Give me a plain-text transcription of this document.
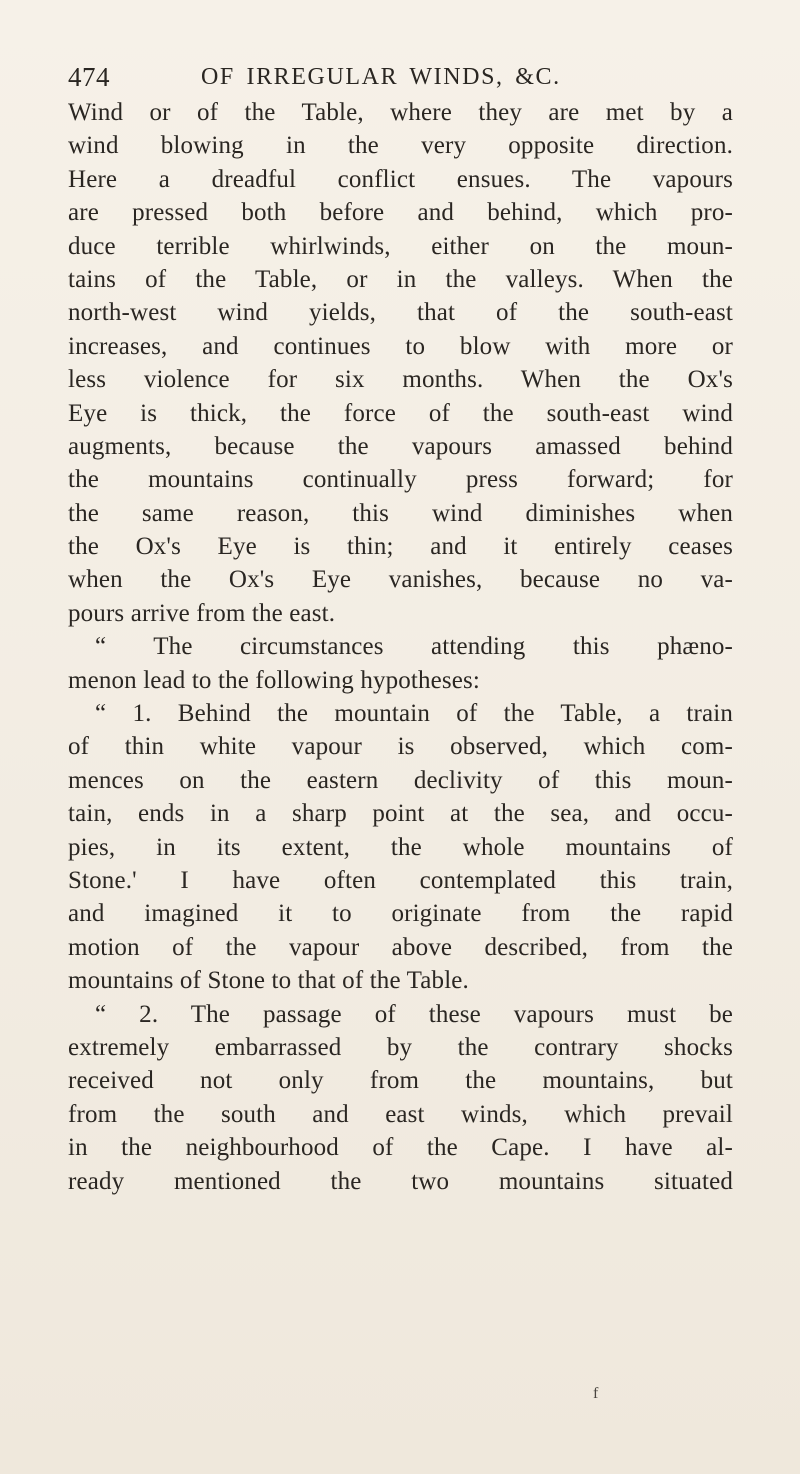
474	OF IRREGULAR WINDS, &C.
Wind or of the Table, where they are met by a
wind blowing in the very opposite direction.
Here a dreadful conflict ensues. The vapours
are pressed both before and behind, which pro-
duce terrible whirlwinds, either on the moun-
tains of the Table, or in the valleys. When the
north-west wind yields, that of the south-east
increases, and continues to blow with more or
less violence for six months. When the Ox's
Eye is thick, the force of the south-east wind
augments, because the vapours amassed behind
the mountains continually press forward; for
the same reason, this wind diminishes when
the Ox's Eye is thin; and it entirely ceases
when the Ox's Eye vanishes, because no va-
pours arrive from the east.
“ The circumstances attending this phæno-
menon lead to the following hypotheses:
“ 1. Behind the mountain of the Table, a train
of thin white vapour is observed, which com-
mences on the eastern declivity of this moun-
tain, ends in a sharp point at the sea, and occu-
pies, in its extent, the whole mountains of
Stone.' I have often contemplated this train,
and imagined it to originate from the rapid
motion of the vapour above described, from the
mountains of Stone to that of the Table.
“ 2. The passage of these vapours must be
extremely embarrassed by the contrary shocks
received not only from the mountains, but
from the south and east winds, which prevail
in the neighbourhood of the Cape. I have al-
ready mentioned the two mountains situated
f
